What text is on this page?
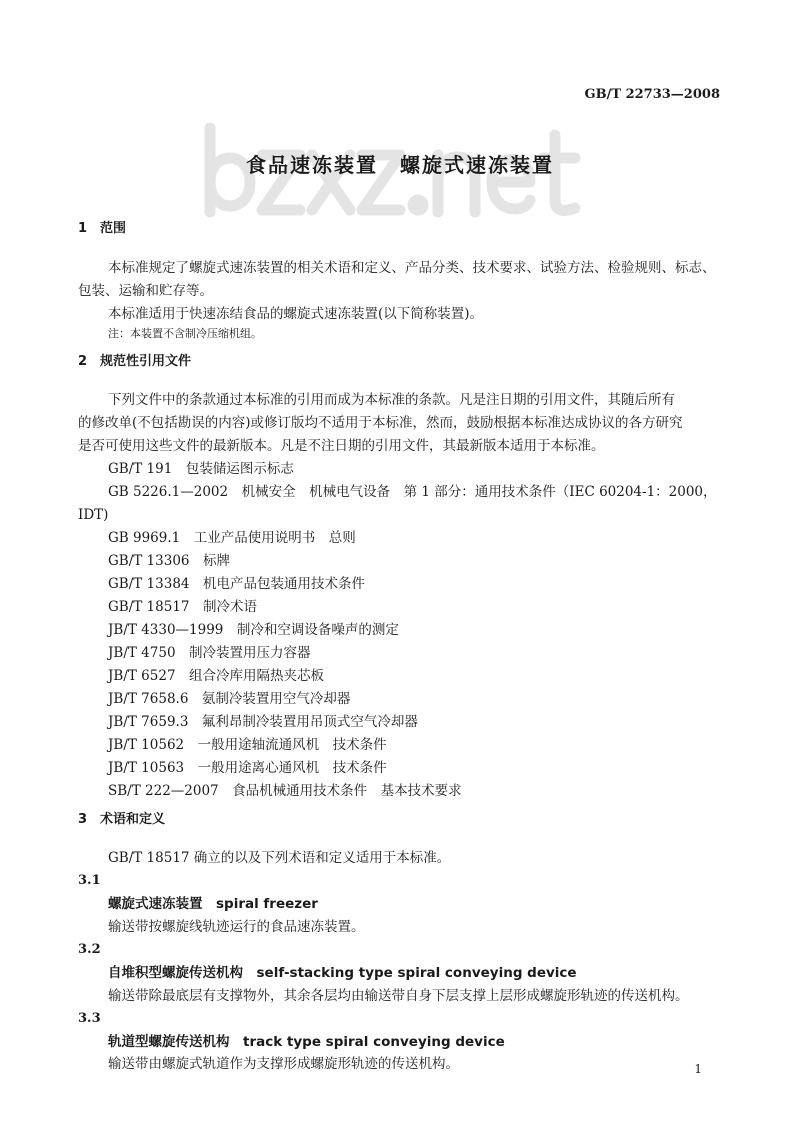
GB/T 22733—2008
食品速冻装置　螺旋式速冻装置
1　范围
本标准规定了螺旋式速冻装置的相关术语和定义、产品分类、技术要求、试验方法、检验规则、标志、
包装、运输和贮存等。
本标准适用于快速冻结食品的螺旋式速冻装置(以下简称装置)。
注：本装置不含制冷压缩机组。
2　规范性引用文件
下列文件中的条款通过本标准的引用而成为本标准的条款。凡是注日期的引用文件，其随后所有
的修改单(不包括勘误的内容)或修订版均不适用于本标准，然而，鼓励根据本标准达成协议的各方研究
是否可使用这些文件的最新版本。凡是不注日期的引用文件，其最新版本适用于本标准。
GB/T 191　包装储运图示标志
GB 5226.1—2002　机械安全　机械电气设备　第 1 部分：通用技术条件（IEC 60204-1：2000，
IDT)
GB 9969.1　工业产品使用说明书　总则
GB/T 13306　标牌
GB/T 13384　机电产品包装通用技术条件
GB/T 18517　制冷术语
JB/T 4330—1999　制冷和空调设备噪声的测定
JB/T 4750　制冷装置用压力容器
JB/T 6527　组合冷库用隔热夹芯板
JB/T 7658.6　氨制冷装置用空气冷却器
JB/T 7659.3　氟利昂制冷装置用吊顶式空气冷却器
JB/T 10562　一般用途轴流通风机　技术条件
JB/T 10563　一般用途离心通风机　技术条件
SB/T 222—2007　食品机械通用技术条件　基本技术要求
3　术语和定义
GB/T 18517 确立的以及下列术语和定义适用于本标准。
3.1
螺旋式速冻装置　spiral freezer
输送带按螺旋线轨迹运行的食品速冻装置。
3.2
自堆积型螺旋传送机构　self-stacking type spiral conveying device
输送带除最底层有支撑物外，其余各层均由输送带自身下层支撑上层形成螺旋形轨迹的传送机构。
3.3
轨道型螺旋传送机构　track type spiral conveying device
输送带由螺旋式轨道作为支撑形成螺旋形轨迹的传送机构。	1
